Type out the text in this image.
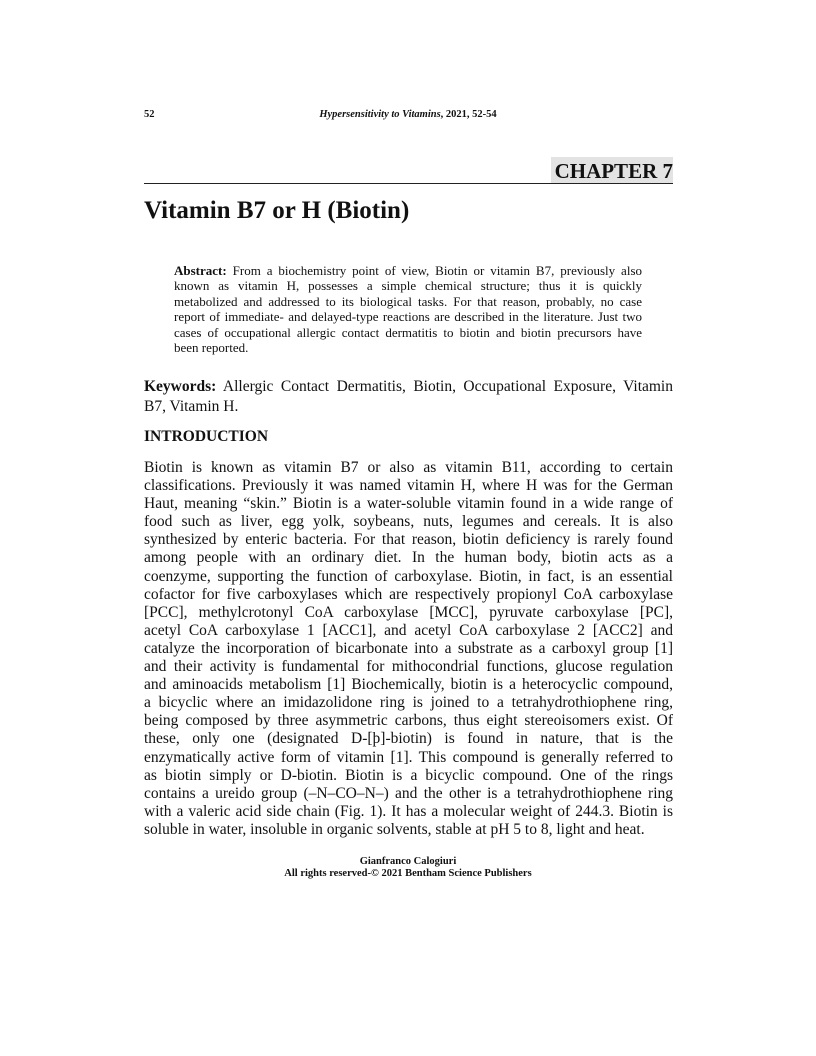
52	Hypersensitivity to Vitamins, 2021, 52-54
CHAPTER 7
Vitamin B7 or H (Biotin)
Abstract: From a biochemistry point of view, Biotin or vitamin B7, previously also
known as vitamin H, possesses a simple chemical structure; thus it is quickly
metabolized and addressed to its biological tasks. For that reason, probably, no case
report of immediate- and delayed-type reactions are described in the literature. Just two
cases of occupational allergic contact dermatitis to biotin and biotin precursors have
been reported.
Keywords: Allergic Contact Dermatitis, Biotin, Occupational Exposure, Vitamin
B7, Vitamin H.
INTRODUCTION
Biotin is known as vitamin B7 or also as vitamin B11, according to certain
classifications. Previously it was named vitamin H, where H was for the German
Haut, meaning “skin.” Biotin is a water-soluble vitamin found in a wide range of
food such as liver, egg yolk, soybeans, nuts, legumes and cereals. It is also
synthesized by enteric bacteria. For that reason, biotin deficiency is rarely found
among people with an ordinary diet. In the human body, biotin acts as a
coenzyme, supporting the function of carboxylase. Biotin, in fact, is an essential
cofactor for five carboxylases which are respectively propionyl CoA carboxylase
[PCC], methylcrotonyl CoA carboxylase [MCC], pyruvate carboxylase [PC],
acetyl CoA carboxylase 1 [ACC1], and acetyl CoA carboxylase 2 [ACC2] and
catalyze the incorporation of bicarbonate into a substrate as a carboxyl group [1]
and their activity is fundamental for mithocondrial functions, glucose regulation
and aminoacids metabolism [1] Biochemically, biotin is a heterocyclic compound,
a bicyclic where an imidazolidone ring is joined to a tetrahydrothiophene ring,
being composed by three asymmetric carbons, thus eight stereoisomers exist. Of
these, only one (designated D-[þ]-biotin) is found in nature, that is the
enzymatically active form of vitamin [1]. This compound is generally referred to
as biotin simply or D-biotin. Biotin is a bicyclic compound. One of the rings
contains a ureido group (–N–CO–N–) and the other is a tetrahydrothiophene ring
with a valeric acid side chain (Fig. 1). It has a molecular weight of 244.3. Biotin is
soluble in water, insoluble in organic solvents, stable at pH 5 to 8, light and heat.
Gianfranco Calogiuri
All rights reserved-© 2021 Bentham Science Publishers
